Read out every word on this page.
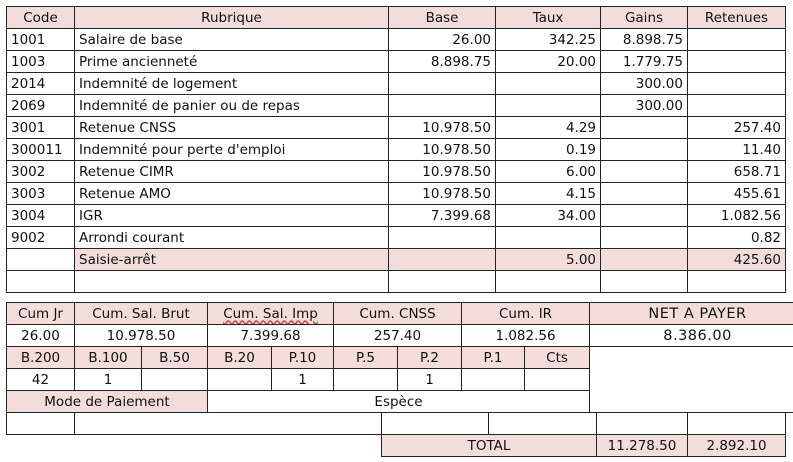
Code	Rubrique	Base	Taux	Gains	Retenues
1001	Salaire de base	26.00	342.25	8.898.75	
1003	Prime ancienneté	8.898.75	20.00	1.779.75	
2014	Indemnité de logement			300.00	
2069	Indemnité de panier ou de repas			300.00	
3001	Retenue CNSS	10.978.50	4.29		257.40
300011	Indemnité pour perte d'emploi	10.978.50	0.19		11.40
3002	Retenue CIMR	10.978.50	6.00		658.71
3003	Retenue AMO	10.978.50	4.15		455.61
3004	IGR	7.399.68	34.00		1.082.56
9002	Arrondi courant				0.82
	Saisie-arrêt		5.00		425.60

Cum Jr	Cum. Sal. Brut		Cum. Sal. Imp		Cum. CNSS		Cum. IR		NET A PAYER
26.00	10.978.50		7.399.68		257.40		1.082.56		8.386.00
B.200	B.100	B.50	B.20	P.10	P.5	P.2	P.1	Cts	
42	1			1		1			
Mode de Paiement			Espèce						

		TOTAL		11.278.50	2.892.10
